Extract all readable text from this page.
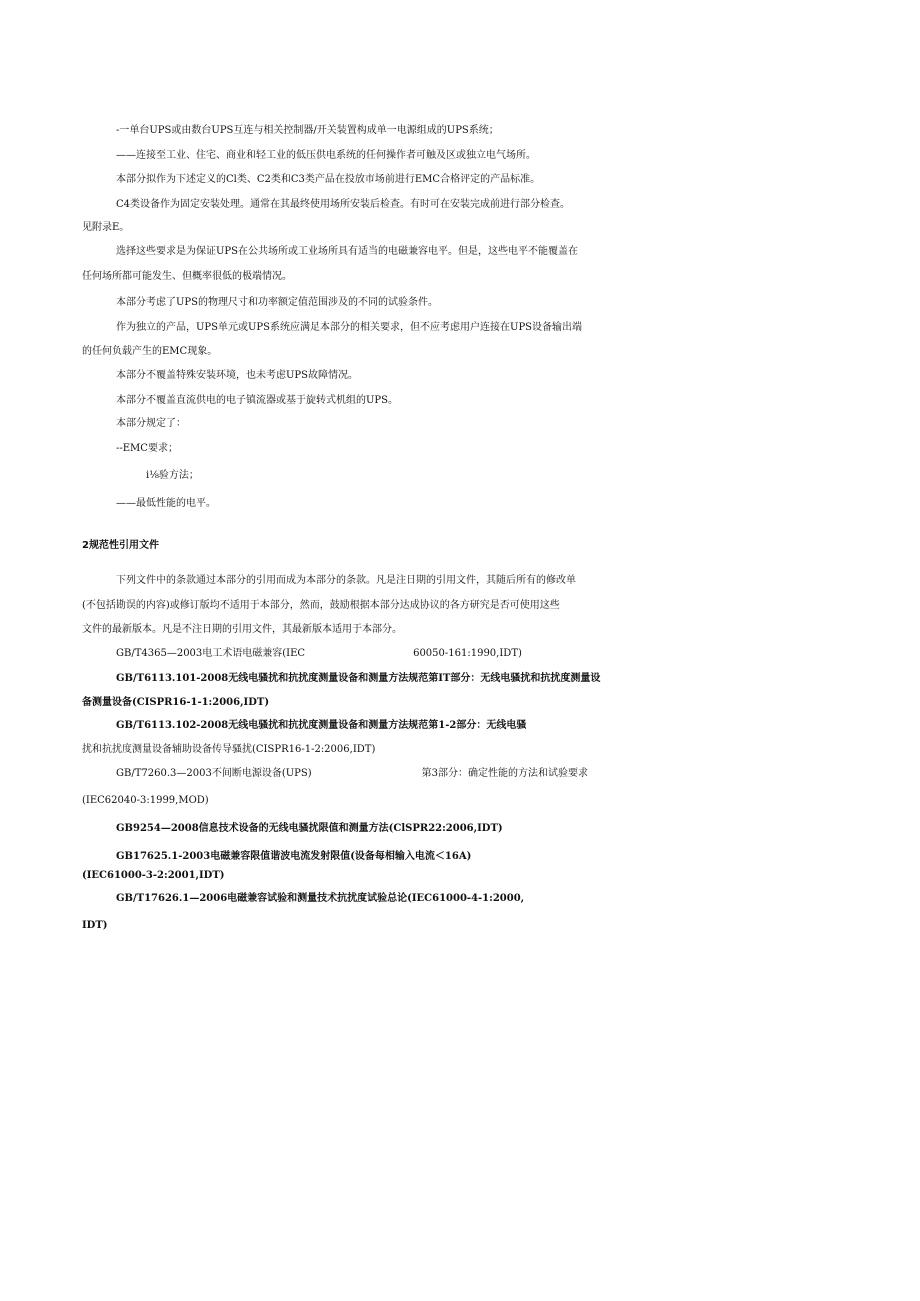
-一单台UPS或由数台UPS互连与相关控制器/开关装置构成单一电源组成的UPS系统；
——连接至工业、住宅、商业和轻工业的低压供电系统的任何操作者可触及区或独立电气场所。
本部分拟作为下述定义的Cl类、C2类和C3类产品在投放市场前进行EMC合格评定的产品标准。
C4类设备作为固定安装处理。通常在其最终使用场所安装后检查。有时可在安装完成前进行部分检查。
见附录E。
选择这些要求是为保证UPS在公共场所或工业场所具有适当的电磁兼容电平。但是，这些电平不能覆盖在
任何场所都可能发生、但概率很低的极端情况。
本部分考虑了UPS的物理尺寸和功率额定值范围涉及的不同的试验条件。
作为独立的产品，UPS单元或UPS系统应满足本部分的相关要求，但不应考虑用户连接在UPS设备输出端
的任何负载产生的EMC现象。
本部分不覆盖特殊安装环境，也未考虑UPS故障情况。
本部分不覆盖直流供电的电子镇流器或基于旋转式机组的UPS。
本部分规定了：
--EMC要求；
i⅛验方法；
——最低性能的电平。
2规范性引用文件
下列文件中的条款通过本部分的引用而成为本部分的条款。凡是注日期的引用文件，其随后所有的修改单
(不包括勘误的内容)或修订版均不适用于本部分，然而，鼓励根据本部分达成协议的各方研究是否可使用这些
文件的最新版本。凡是不注日期的引用文件，其最新版本适用于本部分。
GB/T4365—2003电工术语电磁兼容(IEC	60050-161:1990,IDT)
GB/T6113.101-2008无线电骚扰和抗扰度测量设备和测量方法规范第IT部分：无线电骚扰和抗扰度测量设
备测量设备(CISPR16-1-1:2006,IDT)
GB/T6113.102-2008无线电骚扰和抗扰度测量设备和测量方法规范第1-2部分：无线电骚
扰和抗扰度测量设备辅助设备传导骚扰(CISPR16-1-2:2006,IDT)
GB/T7260.3—2003不间断电源设备(UPS)	第3部分：确定性能的方法和试验要求
(IEC62040-3:1999,MOD)
GB9254—2008信息技术设备的无线电骚扰限值和测量方法(ClSPR22:2006,IDT)
GB17625.1-2003电磁兼容限值谐波电流发射限值(设备每相输入电流＜16A)
(IEC61000-3-2:2001,IDT)
GB/T17626.1—2006电磁兼容试验和测量技术抗扰度试验总论(IEC61000-4-1:2000,
IDT)
